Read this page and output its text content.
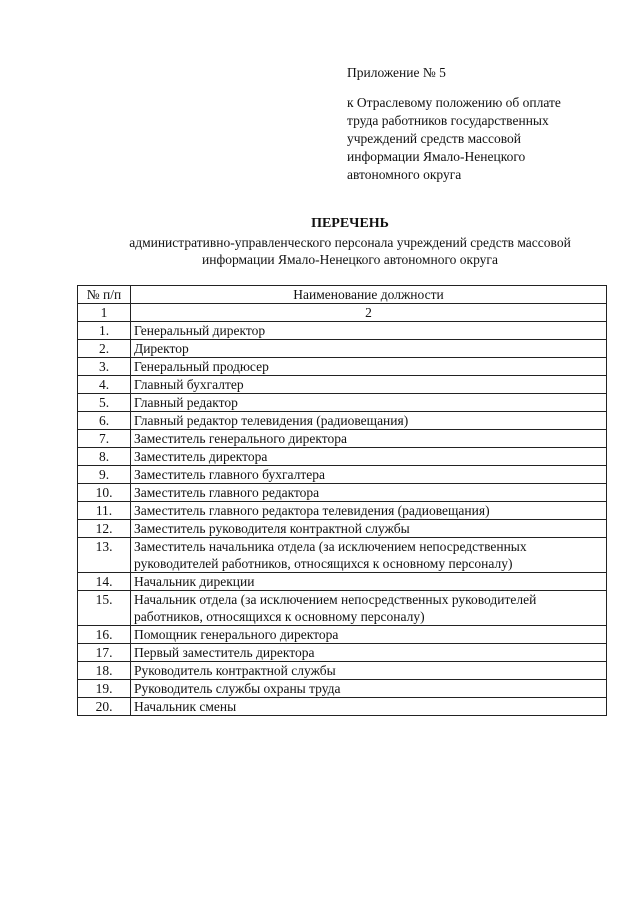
Приложение № 5
к Отраслевому положению об оплате
труда работников государственных
учреждений средств массовой
информации Ямало-Ненецкого
автономного округа
ПЕРЕЧЕНЬ
административно-управленческого персонала учреждений средств массовой
информации Ямало-Ненецкого автономного округа
№ п/п	Наименование должности
1	2
1.	Генеральный директор

2.	Директор

3.	Генеральный продюсер

4.	Главный бухгалтер

5.	Главный редактор

6.	Главный редактор телевидения (радиовещания)

7.	Заместитель генерального директора

8.	Заместитель директора

9.	Заместитель главного бухгалтера

10.	Заместитель главного редактора

11.	Заместитель главного редактора телевидения (радиовещания)

12.	Заместитель руководителя контрактной службы

13.	Заместитель начальника отдела (за исключением непосредственных
руководителей работников, относящихся к основному персоналу)

14.	Начальник дирекции

15.	Начальник отдела (за исключением непосредственных руководителей
работников, относящихся к основному персоналу)

16.	Помощник генерального директора

17.	Первый заместитель директора

18.	Руководитель контрактной службы

19.	Руководитель службы охраны труда

20.	Начальник смены
